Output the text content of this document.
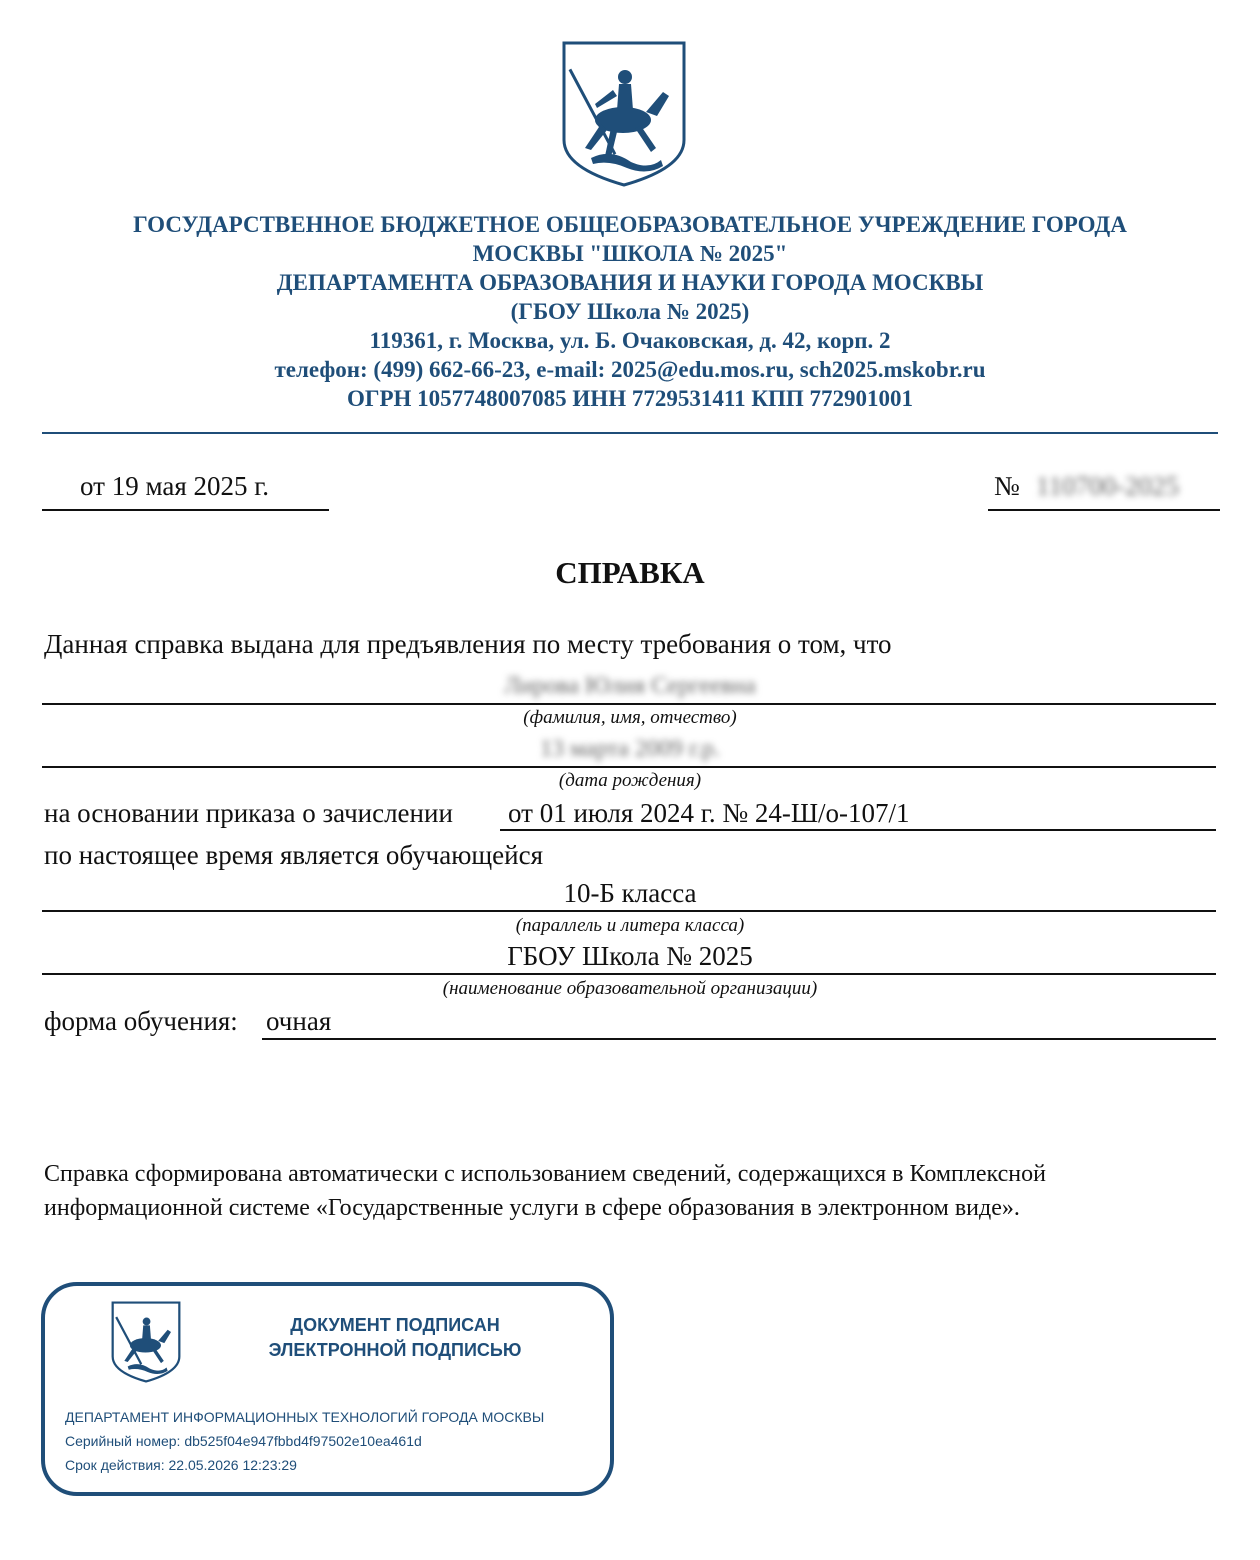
ГОСУДАРСТВЕННОЕ БЮДЖЕТНОЕ ОБЩЕОБРАЗОВАТЕЛЬНОЕ УЧРЕЖДЕНИЕ ГОРОДА
МОСКВЫ "ШКОЛА № 2025"
ДЕПАРТАМЕНТА ОБРАЗОВАНИЯ И НАУКИ ГОРОДА МОСКВЫ
(ГБОУ Школа № 2025)
119361, г. Москва, ул. Б. Очаковская, д. 42, корп. 2
телефон: (499) 662-66-23, e-mail: 2025@edu.mos.ru, sch2025.mskobr.ru
ОГРН 1057748007085 ИНН 7729531411 КПП 772901001
от 19 мая 2025 г.	№ 110700-2025
СПРАВКА
Данная справка выдана для предъявления по месту требования о том, что
Лирова Юлия Сергеевна
(фамилия, имя, отчество)
13 марта 2009 г.р.
(дата рождения)
на основании приказа о зачислении от 01 июля 2024 г. № 24-Ш/о-107/1
по настоящее время является обучающейся
10-Б класса
(параллель и литера класса)
ГБОУ Школа № 2025
(наименование образовательной организации)
форма обучения: очная
Справка сформирована автоматически с использованием сведений, содержащихся в Комплексной
информационной системе «Государственные услуги в сфере образования в электронном виде».
ДОКУМЕНТ ПОДПИСАН
ЭЛЕКТРОННОЙ ПОДПИСЬЮ
ДЕПАРТАМЕНТ ИНФОРМАЦИОННЫХ ТЕХНОЛОГИЙ ГОРОДА МОСКВЫ
Серийный номер: db525f04e947fbbd4f97502e10ea461d
Срок действия: 22.05.2026 12:23:29
